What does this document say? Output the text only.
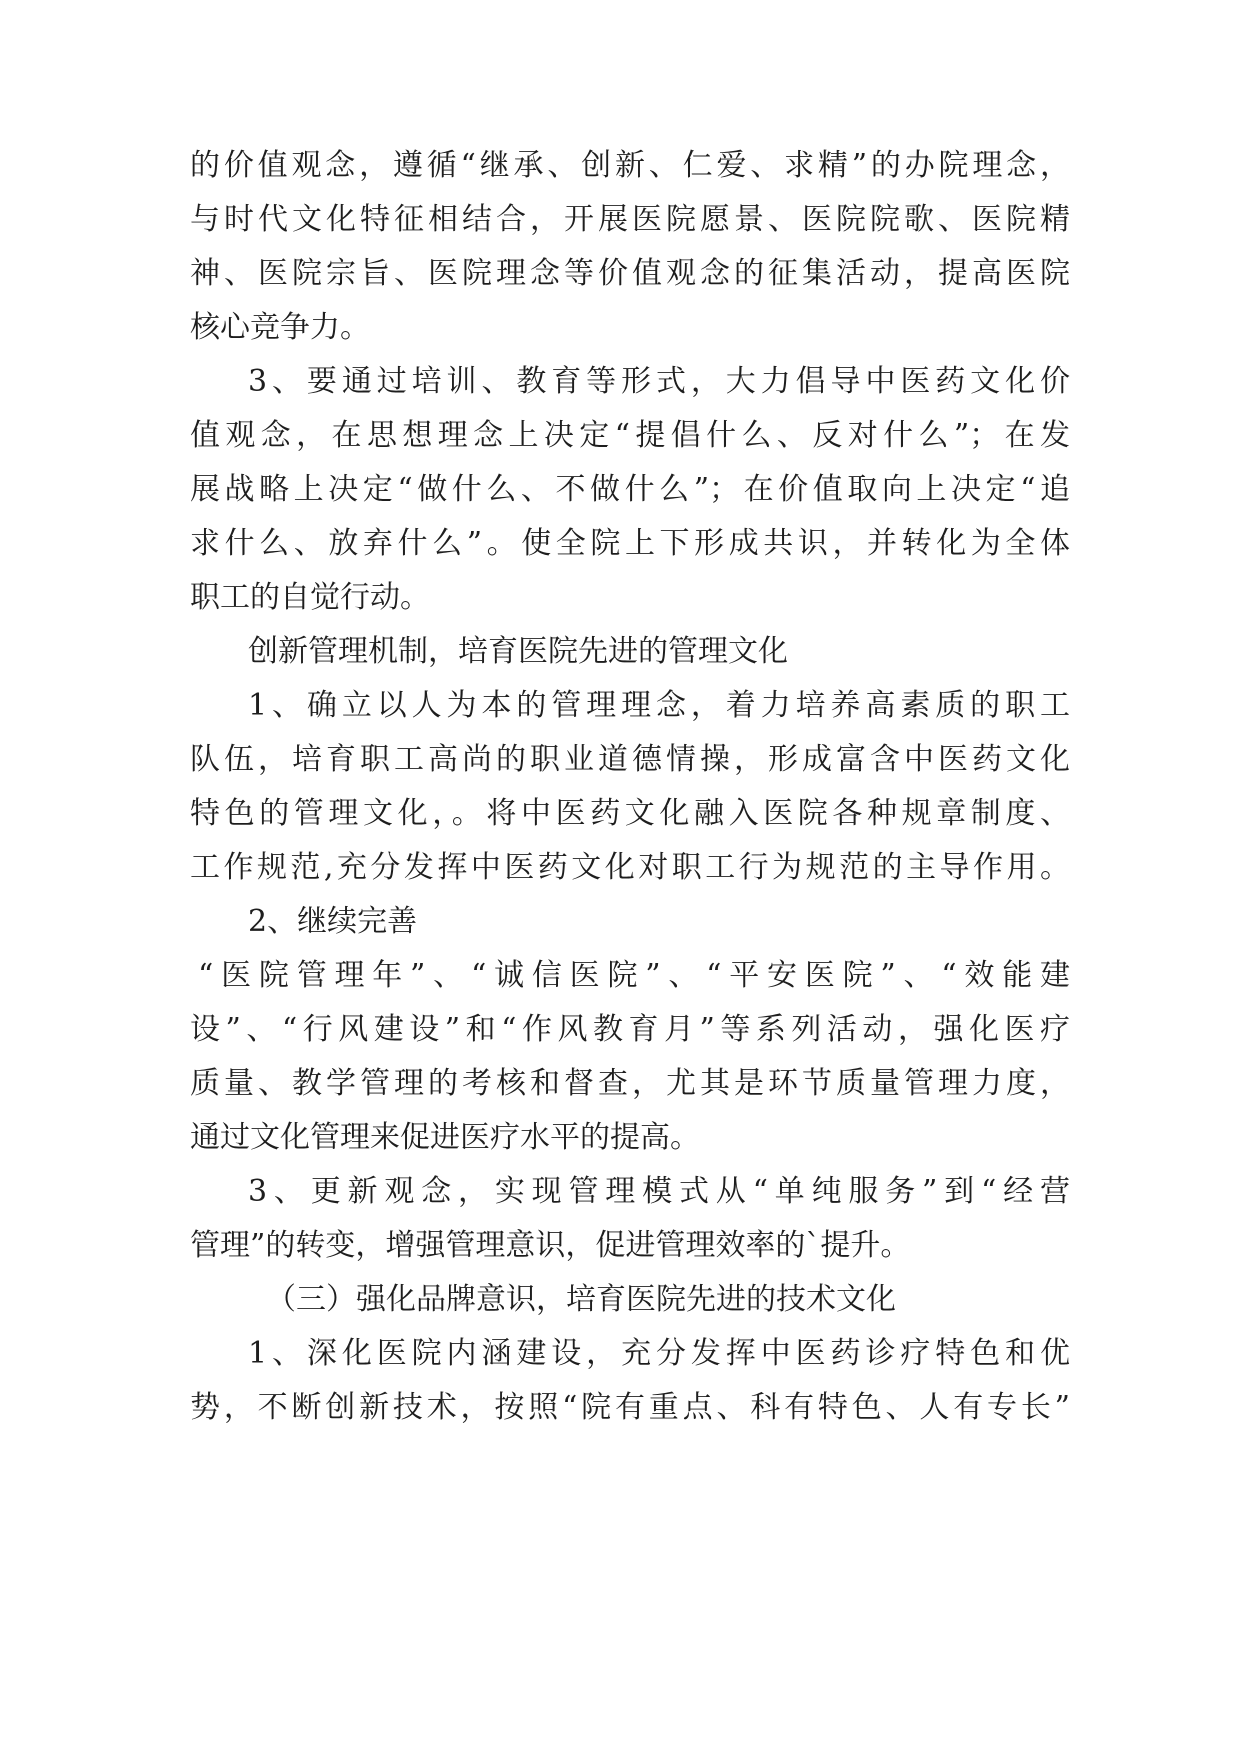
的价值观念，遵循“继承、创新、仁爱、求精”的办院理念，
与时代文化特征相结合，开展医院愿景、医院院歌、医院精
神、医院宗旨、医院理念等价值观念的征集活动，提高医院
核心竞争力。
3、要通过培训、教育等形式，大力倡导中医药文化价
值观念，在思想理念上决定“提倡什么、反对什么”；在发
展战略上决定“做什么、不做什么”；在价值取向上决定“追
求什么、放弃什么”。使全院上下形成共识，并转化为全体
职工的自觉行动。
创新管理机制，培育医院先进的管理文化
1、确立以人为本的管理理念，着力培养高素质的职工
队伍，培育职工高尚的职业道德情操，形成富含中医药文化
特色的管理文化，。将中医药文化融入医院各种规章制度、
工作规范,充分发挥中医药文化对职工行为规范的主导作用。
2、继续完善
“医院管理年”、“诚信医院”、“平安医院”、“效能建
设”、“行风建设”和“作风教育月”等系列活动，强化医疗
质量、教学管理的考核和督查，尤其是环节质量管理力度，
通过文化管理来促进医疗水平的提高。
3、更新观念，实现管理模式从“单纯服务”到“经营
管理”的转变，增强管理意识，促进管理效率的`提升。
（三）强化品牌意识，培育医院先进的技术文化
1、深化医院内涵建设，充分发挥中医药诊疗特色和优
势，不断创新技术，按照“院有重点、科有特色、人有专长”
